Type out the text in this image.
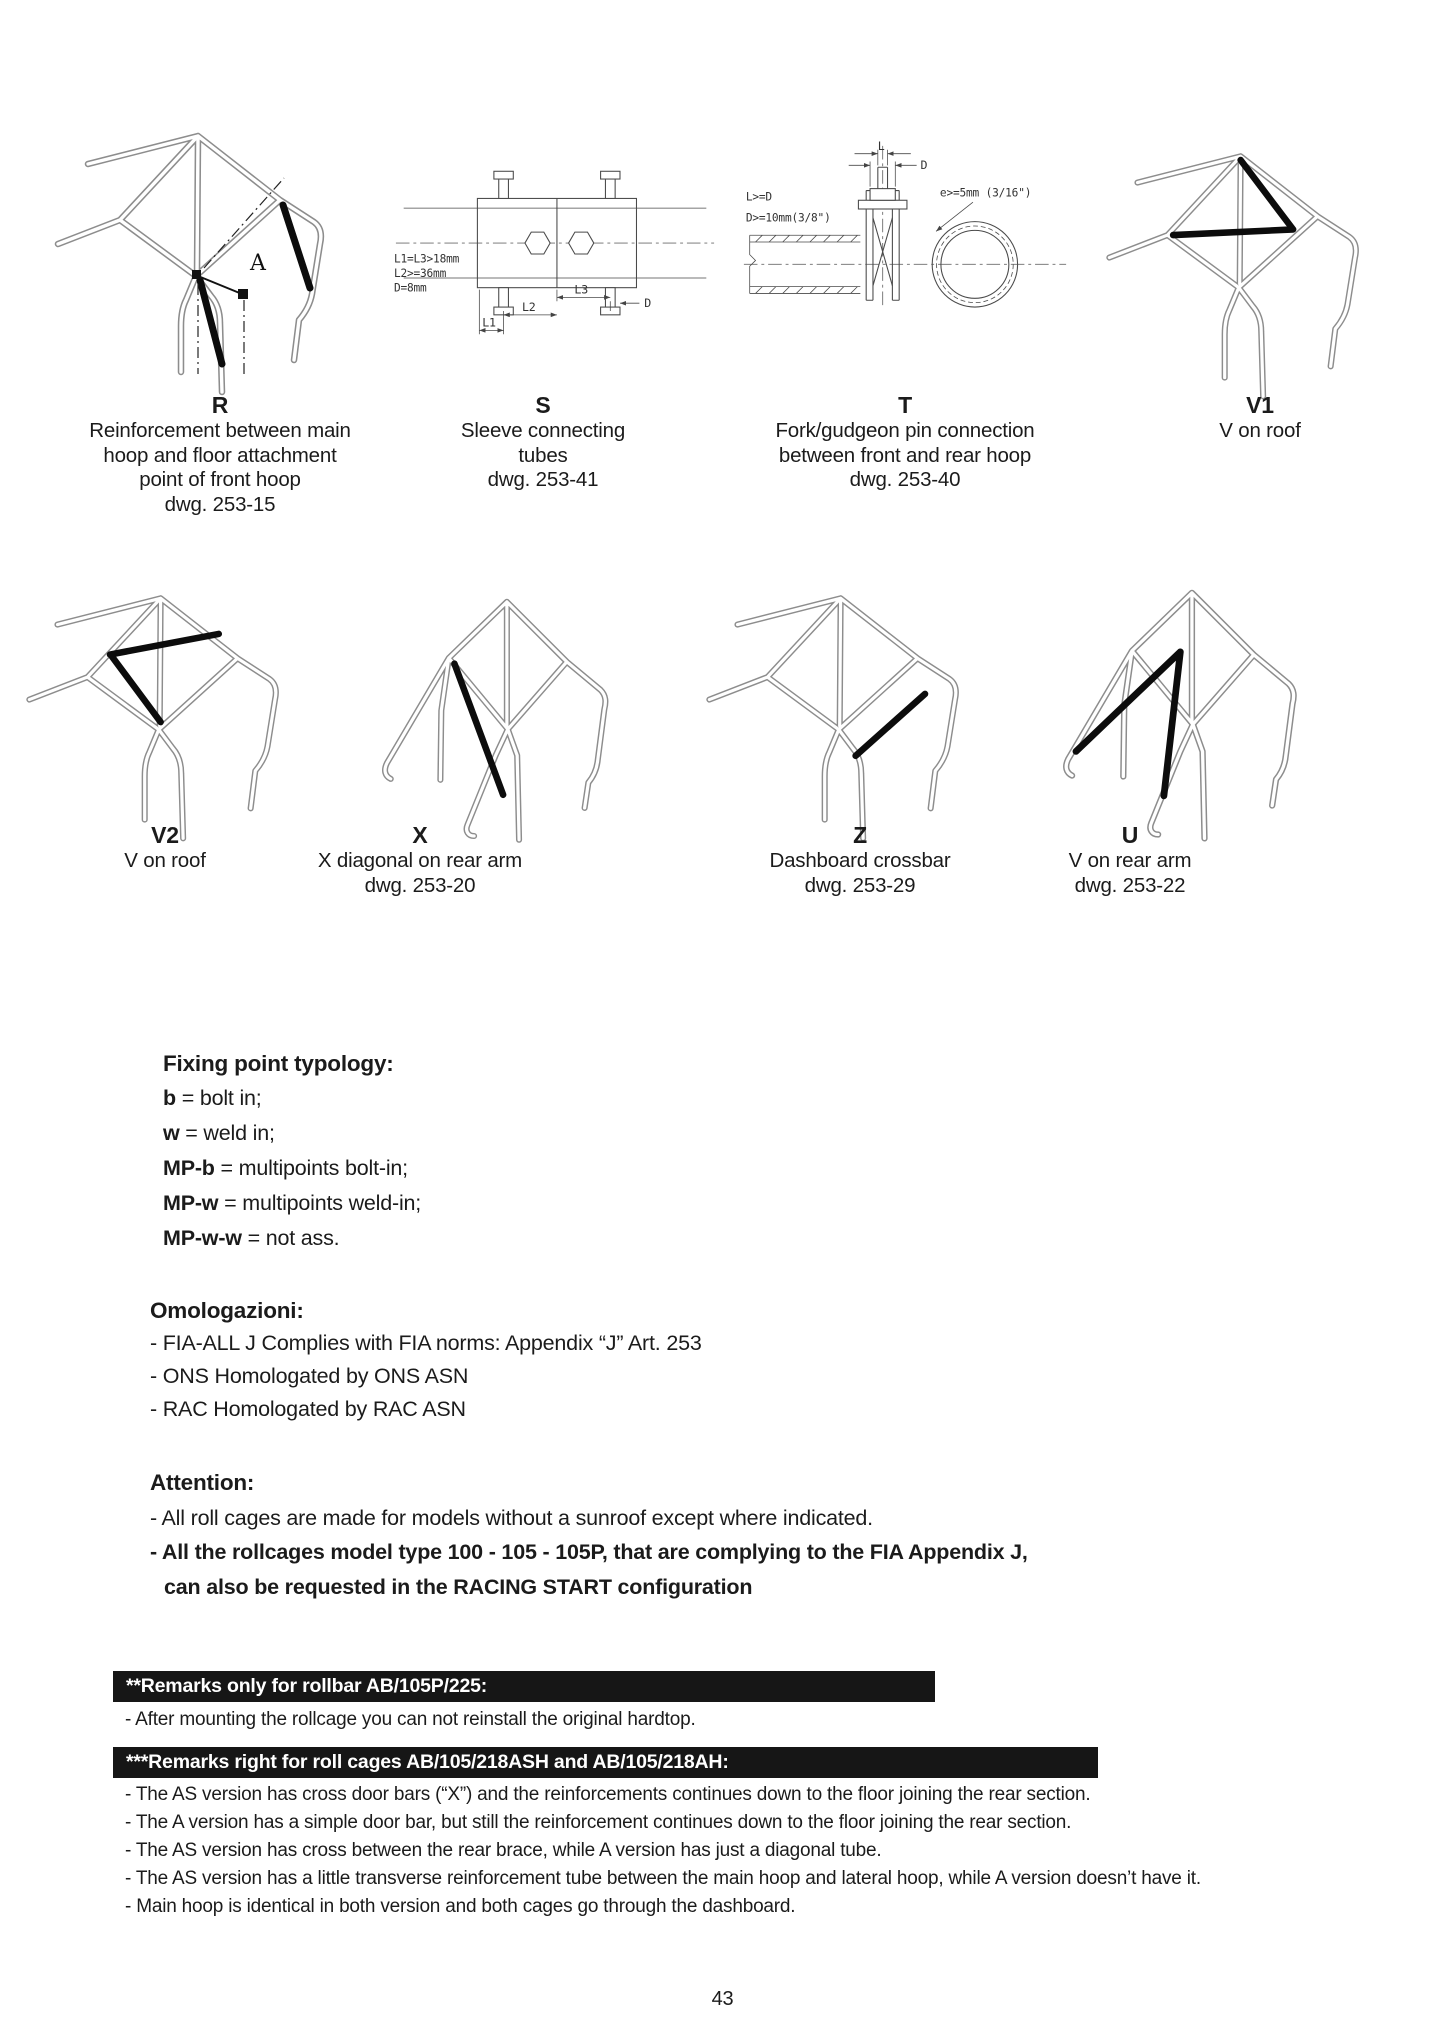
A
R
Reinforcement between main
hoop and floor attachment
point of front hoop
dwg. 253-15
L3
L2
L1
D
L1=L3>18mm
L2>=36mm
D=8mm
S
Sleeve connecting
tubes
dwg. 253-41
L
D
L>=D
D>=10mm(3/8")
e>=5mm (3/16")
T
Fork/gudgeon pin connection
between front and rear hoop
dwg. 253-40
V1
V on roof
V2
V on roof
X
X diagonal on rear arm
dwg. 253-20
Z
Dashboard crossbar
dwg. 253-29
U
V on rear arm
dwg. 253-22
Fixing point typology:
b = bolt in;
w = weld in;
MP-b = multipoints bolt-in;
MP-w = multipoints weld-in;
MP-w-w = not ass.
Omologazioni:
- FIA-ALL J Complies with FIA norms: Appendix “J” Art. 253
- ONS Homologated by ONS ASN
- RAC Homologated by RAC ASN
Attention:
- All roll cages are made for models without a sunroof except where indicated.
- All the rollcages model type 100 - 105 - 105P, that are complying to the FIA Appendix J,
can also be requested in the RACING START configuration
**Remarks only for rollbar AB/105P/225:
- After mounting the rollcage you can not reinstall the original hardtop.
***Remarks right for roll cages AB/105/218ASH and AB/105/218AH:
- The AS version has cross door bars (“X”) and the reinforcements continues down to the floor joining the rear section.
- The A version has a simple door bar, but still the reinforcement continues down to the floor joining the rear section.
- The AS version has cross between the rear brace, while A version has just a diagonal tube.
- The AS version has a little transverse reinforcement tube between the main hoop and lateral hoop, while A version doesn’t have it.
- Main hoop is identical in both version and both cages go through the dashboard.
43
